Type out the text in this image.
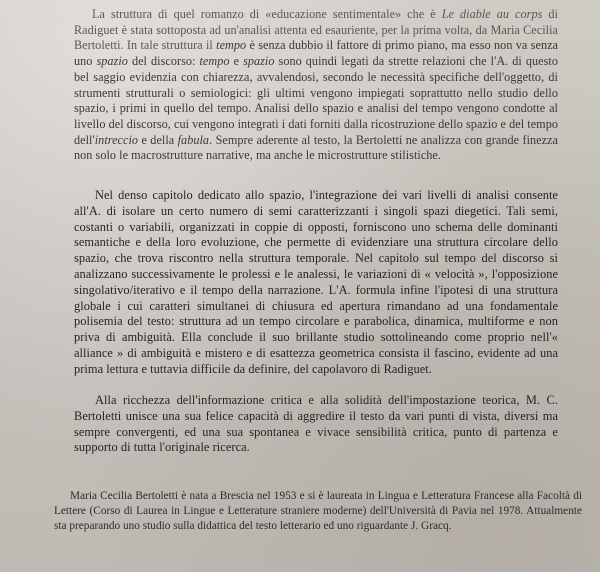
La struttura di quel romanzo di «educazione sentimentale» che è Le diable au corps di Radiguet è stata sottoposta ad un'analisi attenta ed esauriente, per la prima volta, da Maria Cecilia Bertoletti. In tale struttura il tempo è senza dubbio il fattore di primo piano, ma esso non va senza uno spazio del discorso: tempo e spazio sono quindi legati da strette relazioni che l'A. di questo bel saggio evidenzia con chiarezza, avvalendosi, secondo le necessità specifiche dell'oggetto, di strumenti strutturali o semiologici: gli ultimi vengono impiegati soprattutto nello studio dello spazio, i primi in quello del tempo. Analisi dello spazio e analisi del tempo vengono condotte al livello del discorso, cui vengono integrati i dati forniti dalla ricostruzione dello spazio e del tempo dell'intreccio e della fabula. Sempre aderente al testo, la Bertoletti ne analizza con grande finezza non solo le macrostrutture narrative, ma anche le microstrutture stilistiche.

Nel denso capitolo dedicato allo spazio, l'integrazione dei vari livelli di analisi consente all'A. di isolare un certo numero di semi caratterizzanti i singoli spazi diegetici. Tali semi, costanti o variabili, organizzati in coppie di opposti, forniscono uno schema delle dominanti semantiche e della loro evoluzione, che permette di evidenziare una struttura circolare dello spazio, che trova riscontro nella struttura temporale. Nel capitolo sul tempo del discorso si analizzano successivamente le prolessi e le analessi, le variazioni di « velocità », l'opposizione singolativo/iterativo e il tempo della narrazione. L'A. formula infine l'ipotesi di una struttura globale i cui caratteri simultanei di chiusura ed apertura rimandano ad una fondamentale polisemia del testo: struttura ad un tempo circolare e parabolica, dinamica, multiforme e non priva di ambiguità. Ella conclude il suo brillante studio sottolineando come proprio nell'« alliance » di ambiguità e mistero e di esattezza geometrica consista il fascino, evidente ad una prima lettura e tuttavia difficile da definire, del capolavoro di Radiguet.

Alla ricchezza dell'informazione critica e alla solidità dell'impostazione teorica, M. C. Bertoletti unisce una sua felice capacità di aggredire il testo da vari punti di vista, diversi ma sempre convergenti, ed una sua spontanea e vivace sensibilità critica, punto di partenza e supporto di tutta l'originale ricerca.

Maria Cecilia Bertoletti è nata a Brescia nel 1953 e si è laureata in Lingua e Letteratura Francese alla Facoltà di Lettere (Corso di Laurea in Lingue e Letterature straniere moderne) dell'Università di Pavia nel 1978. Attualmente sta preparando uno studio sulla didattica del testo letterario ed uno riguardante J. Gracq.
